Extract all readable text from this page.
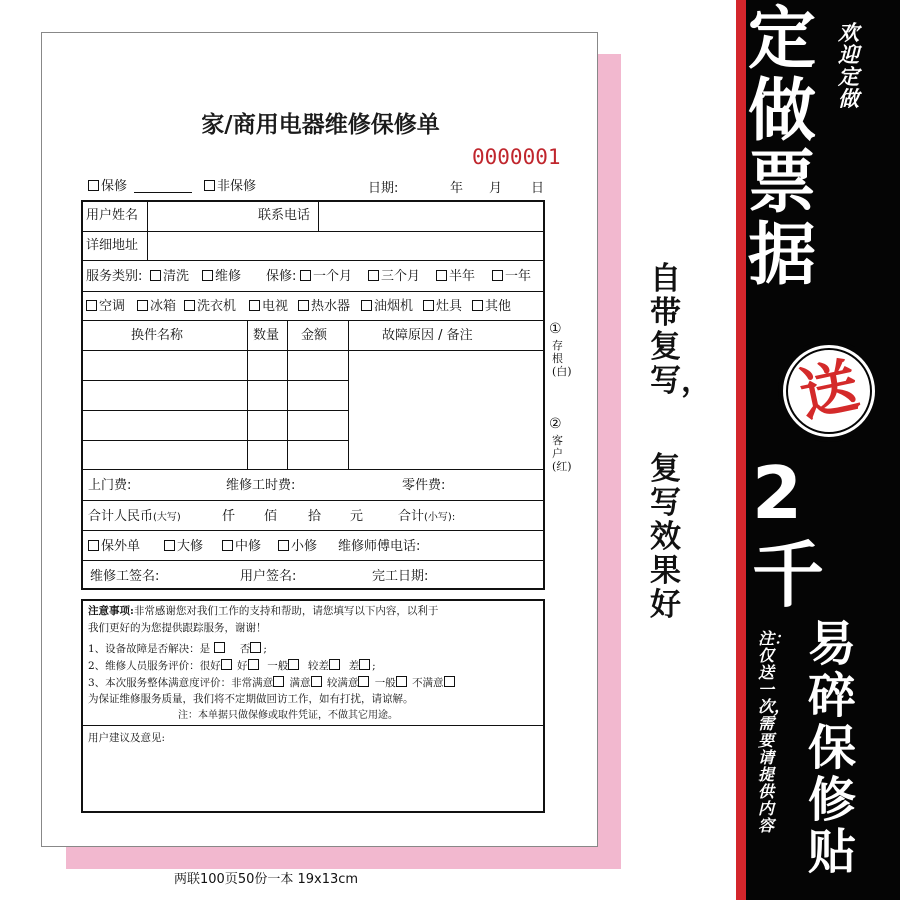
家/商用电器维修保修单
0000001
保修	非保修	日期:	年 月 日
用户姓名	联系电话
详细地址
服务类别:	清洗	维修 保修:	一个月	三个月	半年	一年
空调	冰箱	洗衣机	电视	热水器	油烟机	灶具	其他
换件名称	数量 金额	故障原因 / 备注
上门费:	维修工时费:	零件费:
合计人民币(大写)	仟 佰 拾 元	合计(小写):
保外单	大修	中修	小修 维修师傅电话:
维修工签名:	用户签名:	完工日期:
①
存根(白)
②
客户(红)
注意事项:非常感谢您对我们工作的支持和帮助，请您填写以下内容，以利于
我们更好的为您提供跟踪服务，谢谢！
1、设备故障是否解决：是	否 ;
2、维修人员服务评价：很好 好 一般 较差 差 ;
3、本次服务整体满意度评价：非常满意 满意 较满意 一般 不满意
为保证维修服务质量，我们将不定期做回访工作，如有打扰，请谅解。
注：本单据只做保修或取件凭证，不做其它用途。
用户建议及意见:
两联100页50份一本 19x13cm
自带复写，
复写效果好
定做票据
欢迎定做
送
2千
易碎保修贴
注：仅送一次，需要请提供内容
